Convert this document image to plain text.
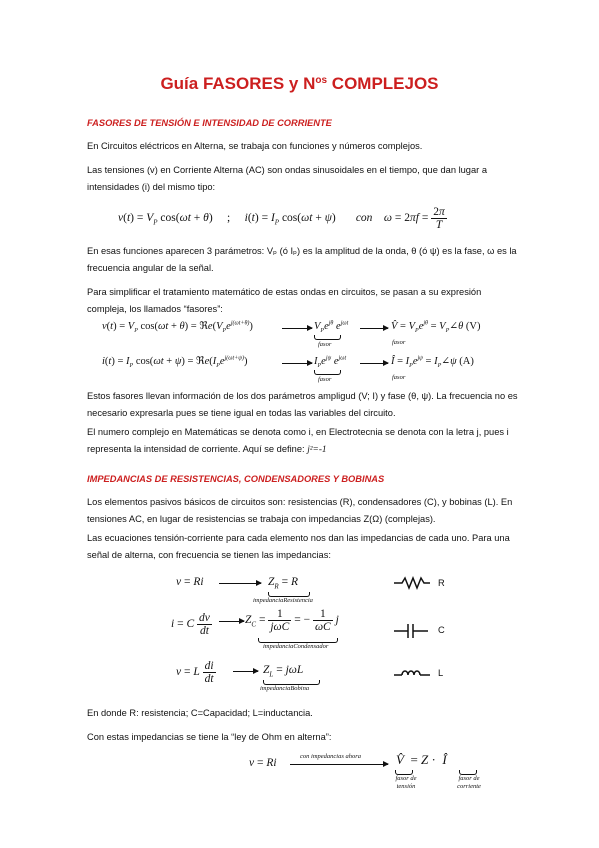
Guía FASORES y $N^{os}$ COMPLEJOS
FASORES DE TENSIÓN E INTENSIDAD DE CORRIENTE
En Circuitos eléctricos en Alterna, se trabaja con funciones y números complejos.
Las tensiones (v) en Corriente Alterna (AC) son ondas sinusoidales en el tiempo, que dan lugar a intensidades (i) del mismo tipo:
$v(t) = V_P$ cos(ωt + θ)     ;     $i(t) = I_P$ cos(ωt + ψ)       con $\omega = 2\pi f = \frac{2\pi}{T}$
En esas funciones aparecen 3 parámetros: Vₚ (ó Iₚ) es la amplitud de la onda, θ (ó ψ) es la fase, ω es la frecuencia angular de la señal.
Para simplificar el tratamiento matemático de estas ondas en circuitos, se pasan a su expresión compleja, los llamados “fasores”:
$v(t) = V_P$ $\cos(\omega t + \theta) = ℜe(V_Pe^{j(\omega t+\theta)})$	$V_Pe^{j\theta}$ $e^{j\omega t}$
fasor
V̂ = $V_Pe^{j\theta}$ = $V_P\angle\theta$ (V)
fasor
$i(t) = I_P$ $\cos(\omega t + \psi) = ℜe(I_Pe^{j(\omega t+\psi)})$	$I_Pe^{j\psi}$ $e^{j\omega t}$
fasor
Î = $I_Pe^{j\psi}$ = $I_P\angle\psi$ (A)
fasor
Estos fasores llevan información de los dos parámetros ampligud (V; I) y fase (θ, ψ). La frecuencia no es necesario expresarla pues se tiene igual en todas las variables del circuito.
El numero complejo en Matemáticas se denota como i, en Electrotecnia se denota con la letra j, pues i representa la intensidad de corriente. Aquí se define: j²=-1
IMPEDANCIAS DE RESISTENCIAS, CONDENSADORES Y BOBINAS
Los elementos pasivos básicos de circuitos son: resistencias (R), condensadores (C), y bobinas (L). En tensiones AC, en lugar de resistencias se trabaja con impedancias Z(Ω) (complejas).
Las ecuaciones tensión-corriente para cada elemento nos dan las impedancias de cada uno. Para una señal de alterna, con frecuencia se tienen las impedancias:
v = Ri	$Z_R = R$
impedanciaResistencia
R
i = C $\frac{dv}{dt}$	$Z_C = \frac{1}{\text{jωC}}$ = − $\frac{1}{\omega C}$ j
impedanciaCondensador
C
v = L $\frac{di}{dt}$	$Z_L = j\omega L$
impedanciaBobina
L
En donde R: resistencia; C=Capacidad; L=inductancia.
Con estas impedancias se tiene la “ley de Ohm en alterna”:
v = Ri
con impedancias ahora	V̂  = Z ·  Î
fasor de tensión
fasor de corriente
